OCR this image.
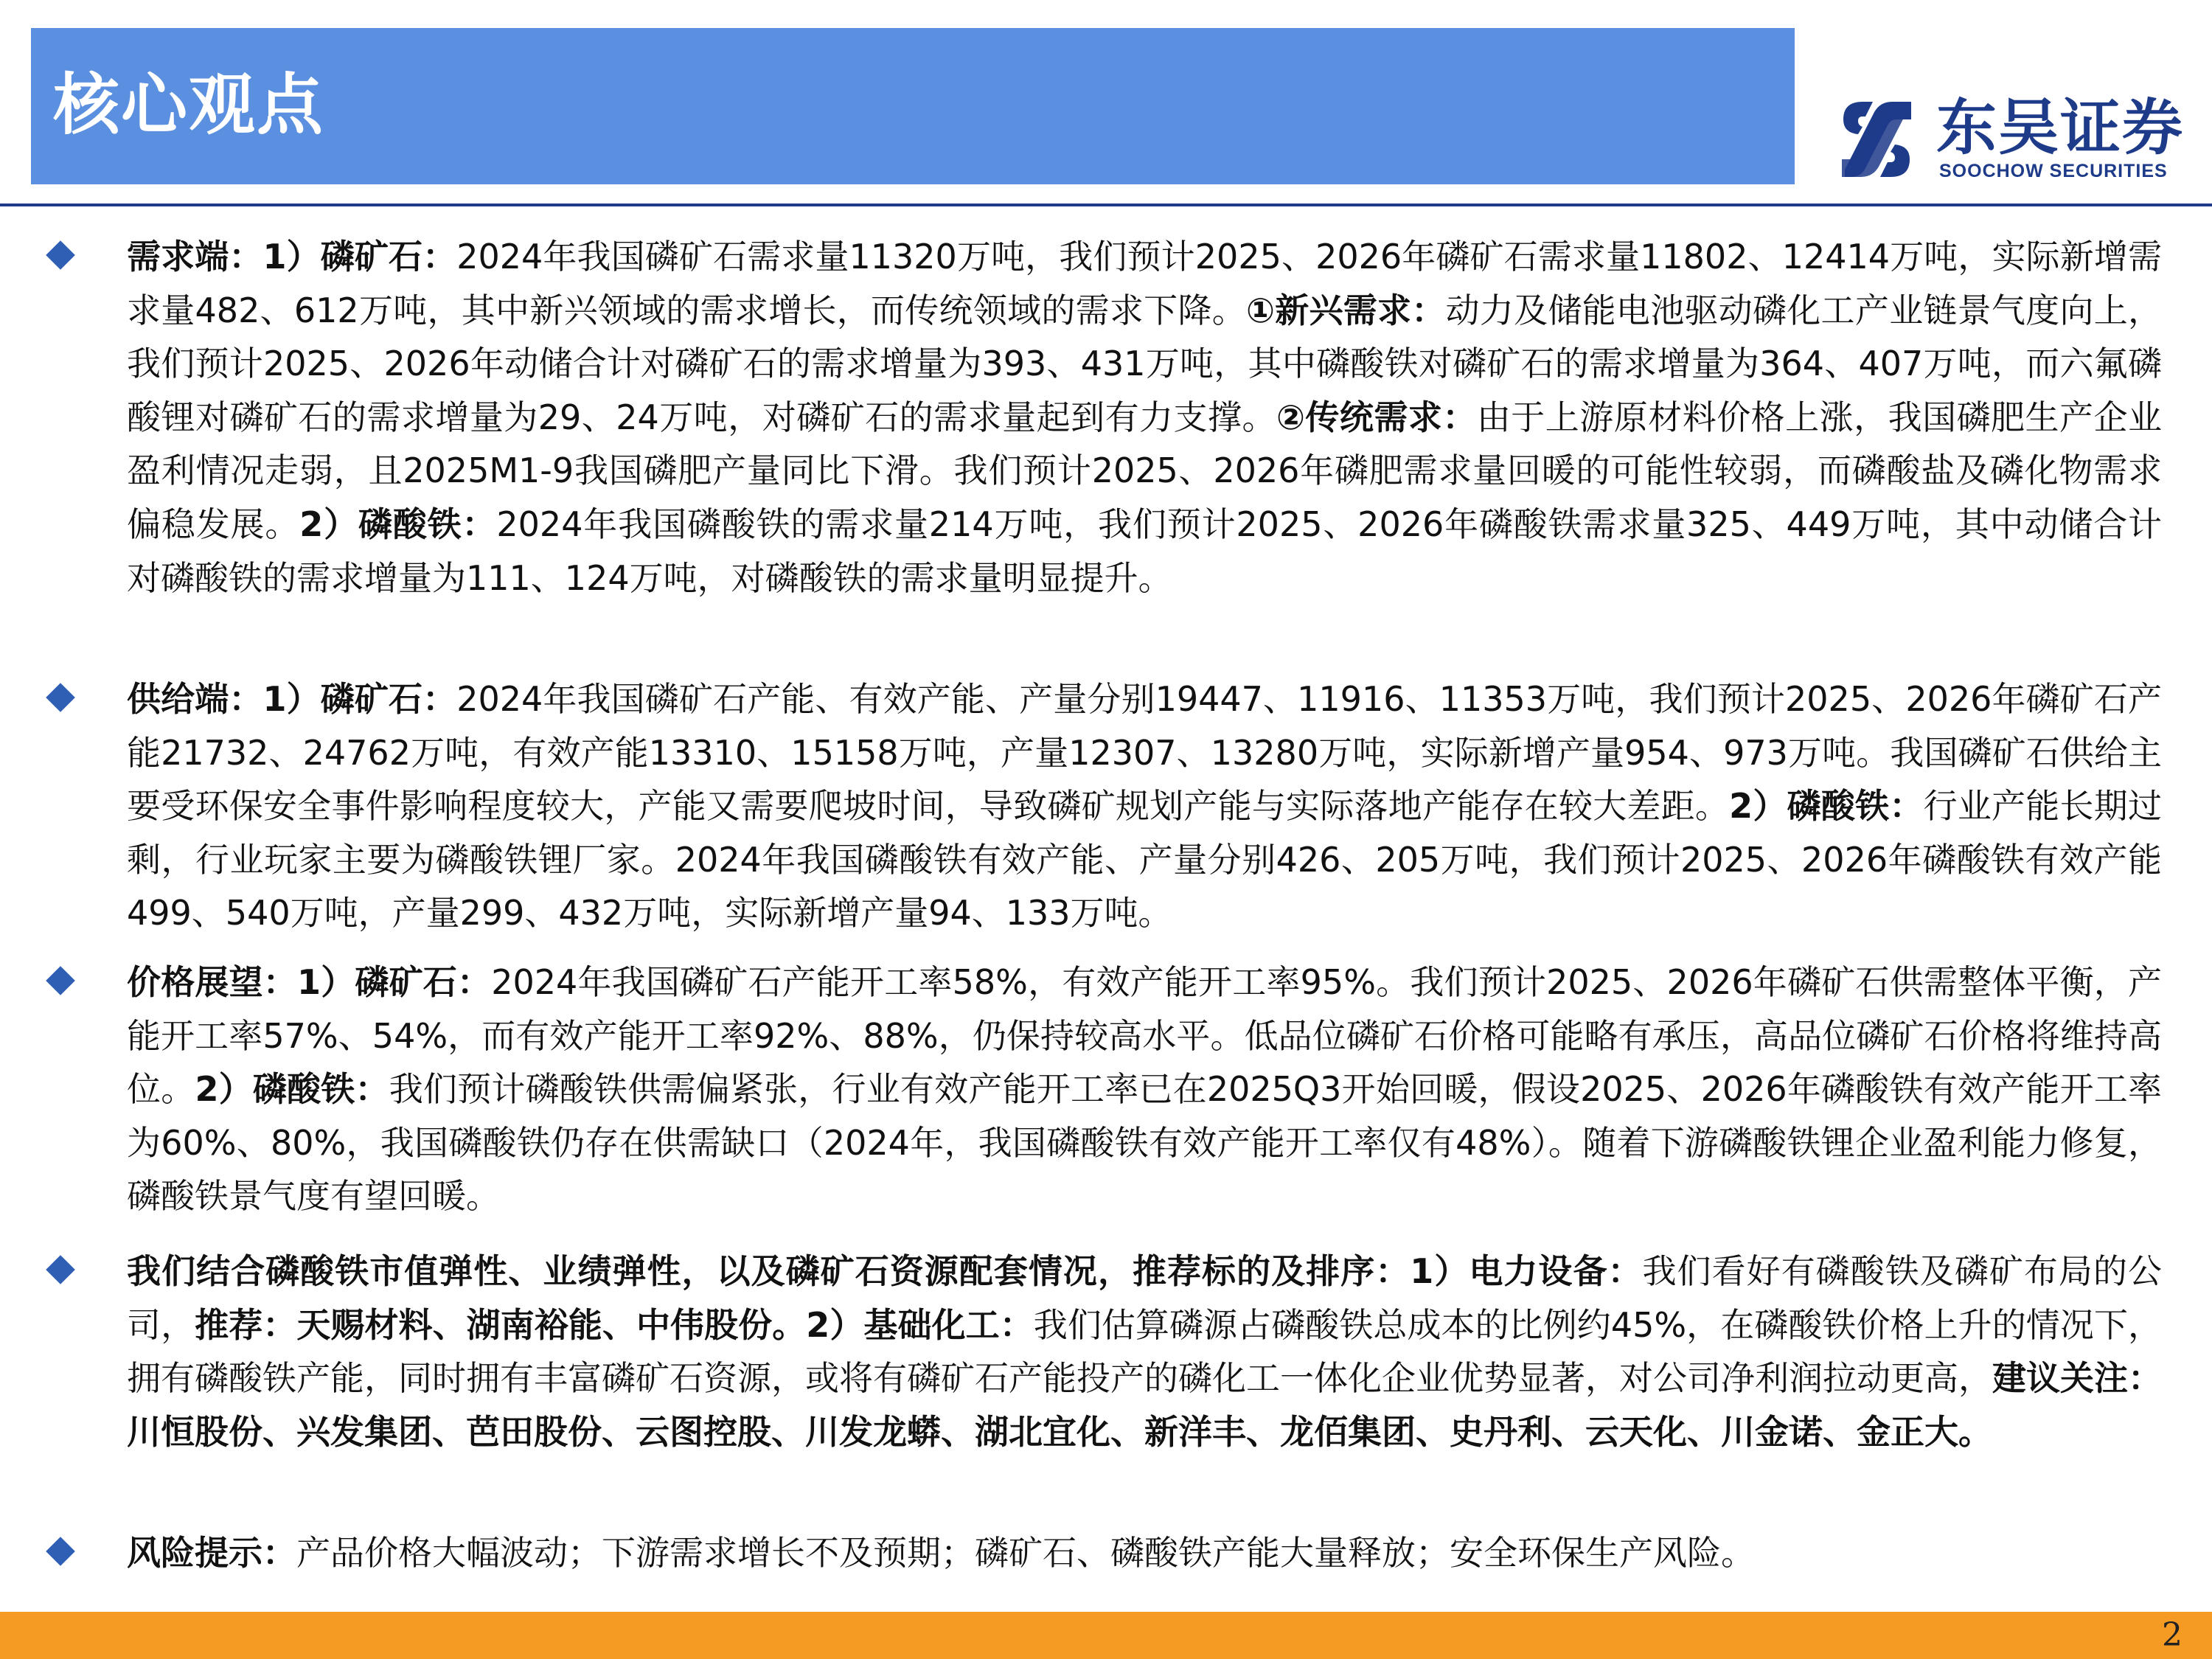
核心观点	东吴证券
SOOCHOW SECURITIES
需求端：1）磷矿石：2024年我国磷矿石需求量11320万吨，我们预计2025、2026年磷矿石需求量11802、12414万吨，实际新增需求量482、612万吨，其中新兴领域的需求增长，而传统领域的需求下降。①新兴需求：动力及储能电池驱动磷化工产业链景气度向上，我们预计2025、2026年动储合计对磷矿石的需求增量为393、431万吨，其中磷酸铁对磷矿石的需求增量为364、407万吨，而六氟磷酸锂对磷矿石的需求增量为29、24万吨，对磷矿石的需求量起到有力支撑。②传统需求：由于上游原材料价格上涨，我国磷肥生产企业盈利情况走弱，且2025M1-9我国磷肥产量同比下滑。我们预计2025、2026年磷肥需求量回暖的可能性较弱，而磷酸盐及磷化物需求偏稳发展。2）磷酸铁：2024年我国磷酸铁的需求量214万吨，我们预计2025、2026年磷酸铁需求量325、449万吨，其中动储合计对磷酸铁的需求增量为111、124万吨，对磷酸铁的需求量明显提升。
供给端：1）磷矿石：2024年我国磷矿石产能、有效产能、产量分别19447、11916、11353万吨，我们预计2025、2026年磷矿石产能21732、24762万吨，有效产能13310、15158万吨，产量12307、13280万吨，实际新增产量954、973万吨。我国磷矿石供给主要受环保安全事件影响程度较大，产能又需要爬坡时间，导致磷矿规划产能与实际落地产能存在较大差距。2）磷酸铁：行业产能长期过剩，行业玩家主要为磷酸铁锂厂家。2024年我国磷酸铁有效产能、产量分别426、205万吨，我们预计2025、2026年磷酸铁有效产能499、540万吨，产量299、432万吨，实际新增产量94、133万吨。
价格展望：1）磷矿石：2024年我国磷矿石产能开工率58%，有效产能开工率95%。我们预计2025、2026年磷矿石供需整体平衡，产能开工率57%、54%，而有效产能开工率92%、88%，仍保持较高水平。低品位磷矿石价格可能略有承压，高品位磷矿石价格将维持高位。2）磷酸铁：我们预计磷酸铁供需偏紧张，行业有效产能开工率已在2025Q3开始回暖，假设2025、2026年磷酸铁有效产能开工率为60%、80%，我国磷酸铁仍存在供需缺口（2024年，我国磷酸铁有效产能开工率仅有48%）。随着下游磷酸铁锂企业盈利能力修复，磷酸铁景气度有望回暖。
我们结合磷酸铁市值弹性、业绩弹性，以及磷矿石资源配套情况，推荐标的及排序：1）电力设备：我们看好有磷酸铁及磷矿布局的公司，推荐：天赐材料、湖南裕能、中伟股份。2）基础化工：我们估算磷源占磷酸铁总成本的比例约45%，在磷酸铁价格上升的情况下，拥有磷酸铁产能，同时拥有丰富磷矿石资源，或将有磷矿石产能投产的磷化工一体化企业优势显著，对公司净利润拉动更高，建议关注：川恒股份、兴发集团、芭田股份、云图控股、川发龙蟒、湖北宜化、新洋丰、龙佰集团、史丹利、云天化、川金诺、金正大。
风险提示：产品价格大幅波动；下游需求增长不及预期；磷矿石、磷酸铁产能大量释放；安全环保生产风险。
2
